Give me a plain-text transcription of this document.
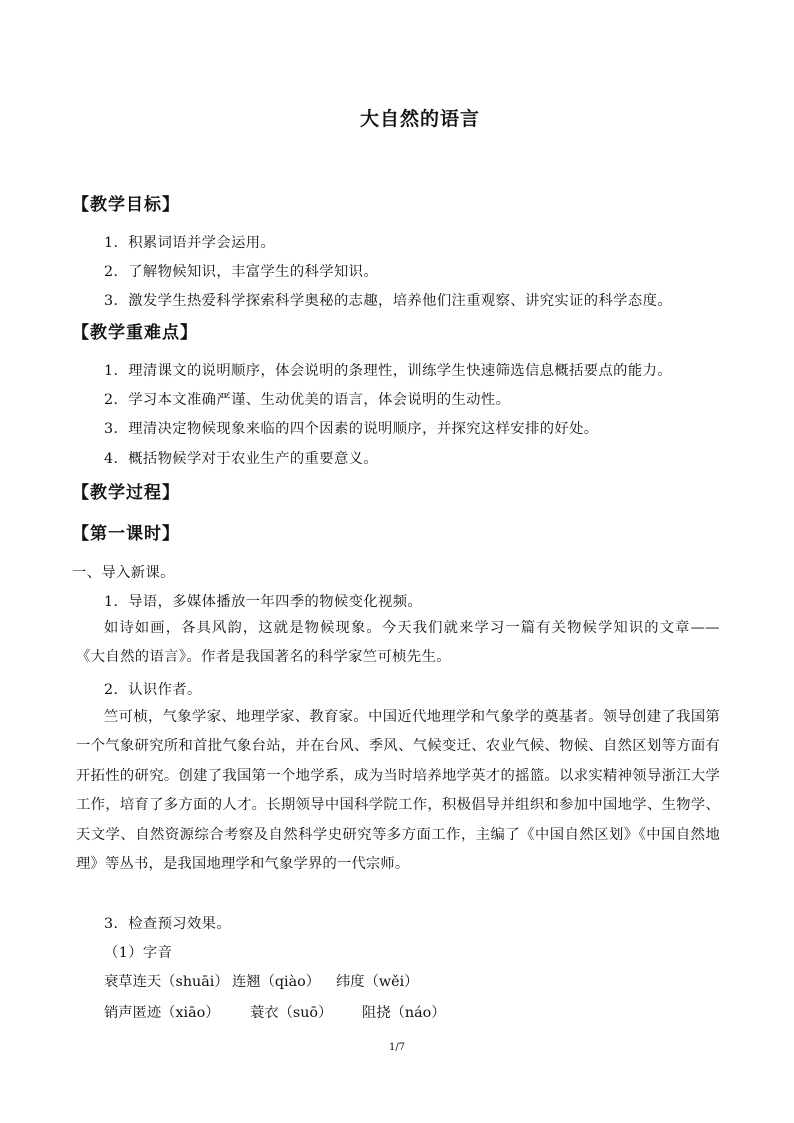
大自然的语言
【教学目标】
1．积累词语并学会运用。
2．了解物候知识，丰富学生的科学知识。
3．激发学生热爱科学探索科学奥秘的志趣，培养他们注重观察、讲究实证的科学态度。
【教学重难点】
1．理清课文的说明顺序，体会说明的条理性，训练学生快速筛选信息概括要点的能力。
2．学习本文准确严谨、生动优美的语言，体会说明的生动性。
3．理清决定物候现象来临的四个因素的说明顺序，并探究这样安排的好处。
4．概括物候学对于农业生产的重要意义。
【教学过程】
【第一课时】
一、导入新课。
1．导语，多媒体播放一年四季的物候变化视频。
如诗如画，各具风韵，这就是物候现象。今天我们就来学习一篇有关物候学知识的文章——《大自然的语言》。作者是我国著名的科学家竺可桢先生。
2．认识作者。
竺可桢，气象学家、地理学家、教育家。中国近代地理学和气象学的奠基者。领导创建了我国第一个气象研究所和首批气象台站，并在台风、季风、气候变迁、农业气候、物候、自然区划等方面有开拓性的研究。创建了我国第一个地学系，成为当时培养地学英才的摇篮。以求实精神领导浙江大学工作，培育了多方面的人才。长期领导中国科学院工作，积极倡导并组织和参加中国地学、生物学、天文学、自然资源综合考察及自然科学史研究等多方面工作，主编了《中国自然区划》《中国自然地理》等丛书，是我国地理学和气象学界的一代宗师。
3．检查预习效果。
（1）字音
衰草连天（shuāi） 连翘（qiào） 纬度（wěi）
销声匿迹（xiāo） 蓑衣（suō） 阻挠（náo）
1/7
